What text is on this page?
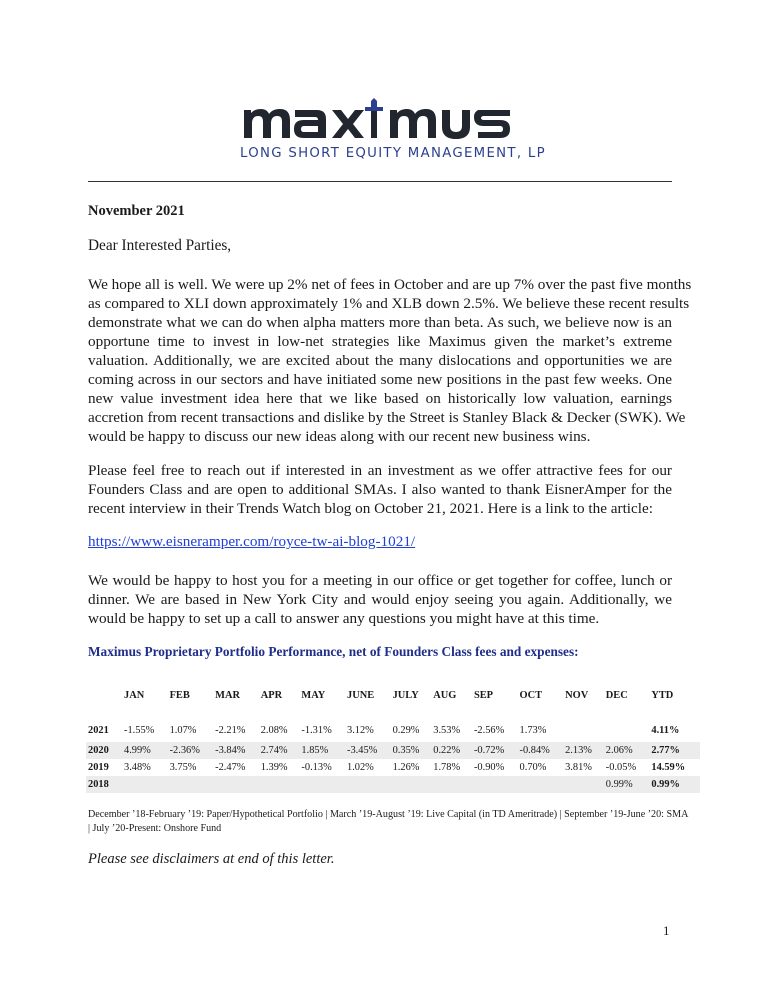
LONG SHORT EQUITY MANAGEMENT, LP
November 2021
Dear Interested Parties,
We hope all is well. We were up 2% net of fees in October and are up 7% over the past five months
as compared to XLI down approximately 1% and XLB down 2.5%. We believe these recent results
demonstrate what we can do when alpha matters more than beta. As such, we believe now is an
opportune time to invest in low-net strategies like Maximus given the market’s extreme
valuation. Additionally, we are excited about the many dislocations and opportunities we are
coming across in our sectors and have initiated some new positions in the past few weeks. One
new value investment idea here that we like based on historically low valuation, earnings
accretion from recent transactions and dislike by the Street is Stanley Black & Decker (SWK). We
would be happy to discuss our new ideas along with our recent new business wins.
Please feel free to reach out if interested in an investment as we offer attractive fees for our
Founders Class and are open to additional SMAs. I also wanted to thank EisnerAmper for the
recent interview in their Trends Watch blog on October 21, 2021. Here is a link to the article:
https://www.eisneramper.com/royce-tw-ai-blog-1021/
We would be happy to host you for a meeting in our office or get together for coffee, lunch or
dinner. We are based in New York City and would enjoy seeing you again. Additionally, we
would be happy to set up a call to answer any questions you might have at this time.
Maximus Proprietary Portfolio Performance, net of Founders Class fees and expenses:
	JAN	FEB	MAR	APR	MAY	JUNE	JULY	AUG	SEP	OCT	NOV	DEC	YTD
2021	-1.55%	1.07%	-2.21%	2.08%	-1.31%	3.12%	0.29%	3.53%	-2.56%	1.73%			4.11%
2020	4.99%	-2.36%	-3.84%	2.74%	1.85%	-3.45%	0.35%	0.22%	-0.72%	-0.84%	2.13%	2.06%	2.77%
2019	3.48%	3.75%	-2.47%	1.39%	-0.13%	1.02%	1.26%	1.78%	-0.90%	0.70%	3.81%	-0.05%	14.59%
2018												0.99%	0.99%
December ’18-February ’19: Paper/Hypothetical Portfolio | March ’19-August ’19: Live Capital (in TD Ameritrade) | September ’19-June ’20: SMA | July ’20-Present: Onshore Fund
Please see disclaimers at end of this letter.
1
